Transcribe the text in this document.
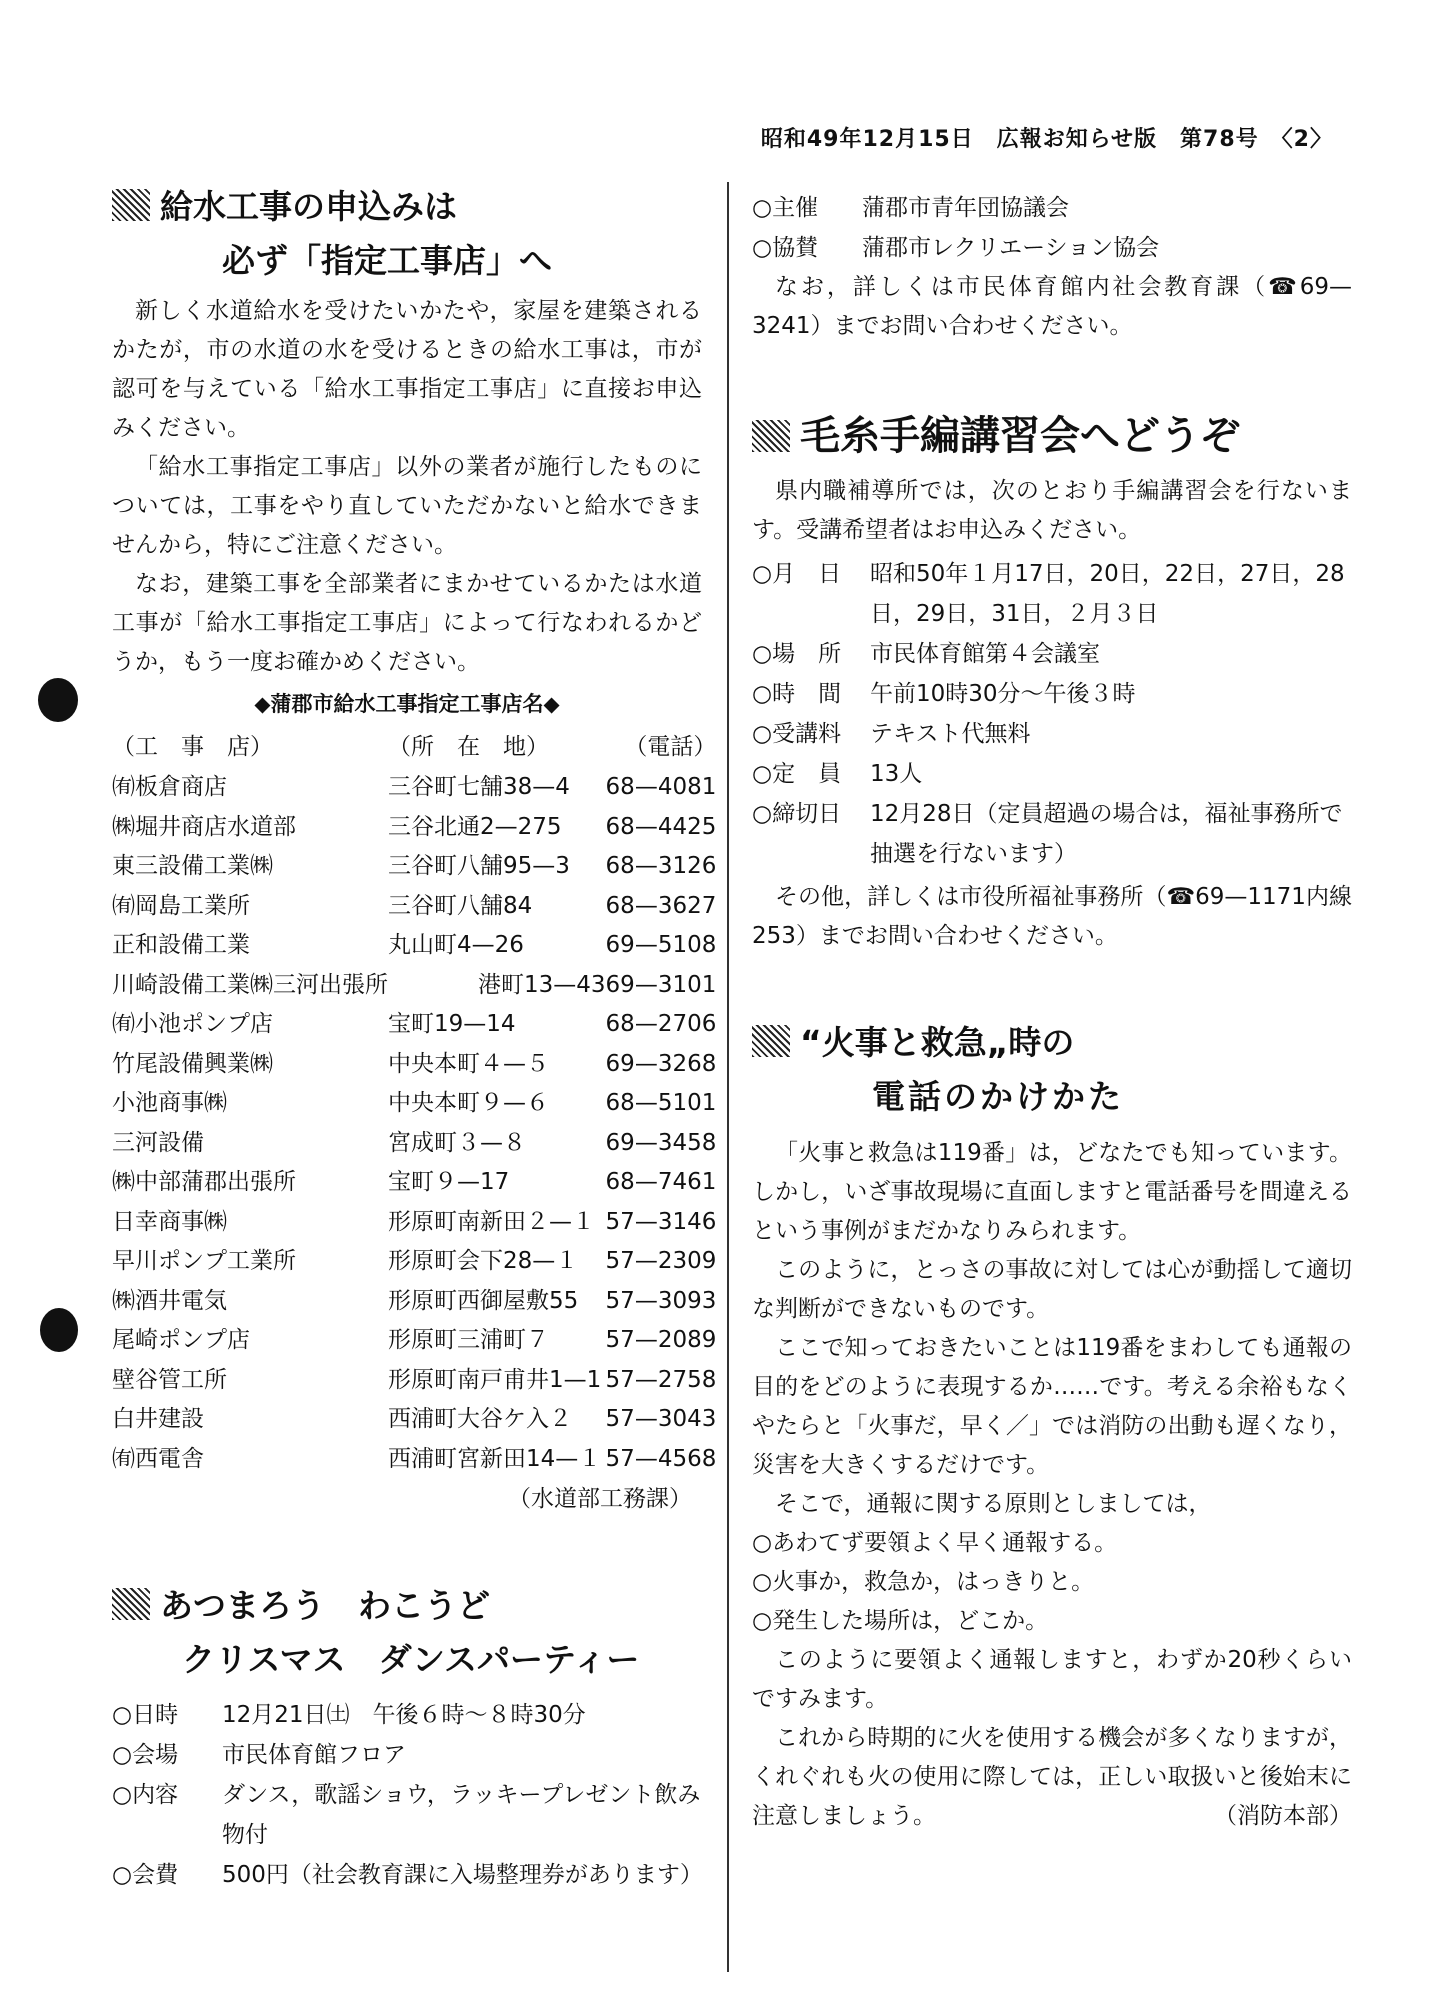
昭和49年12月15日　広報お知らせ版　第78号　〈2〉
給水工事の申込みは
必ず「指定工事店」へ

新しく水道給水を受けたいかたや，家屋を建築されるかたが，市の水道の水を受けるときの給水工事は，市が認可を与えている「給水工事指定工事店」に直接お申込みください。

「給水工事指定工事店」以外の業者が施行したものについては，工事をやり直していただかないと給水できませんから，特にご注意ください。

なお，建築工事を全部業者にまかせているかたは水道工事が「給水工事指定工事店」によって行なわれるかどうか，もう一度お確かめください。

◆蒲郡市給水工事指定工事店名◆
（工　事　店）	（所　在　地）	（電話）
㈲板倉商店	三谷町七舗38—4	68—4081
㈱堀井商店水道部	三谷北通2—275	68—4425
東三設備工業㈱	三谷町八舗95—3	68—3126
㈲岡島工業所	三谷町八舗84	68—3627
正和設備工業	丸山町4—26	69—5108
川崎設備工業㈱三河出張所	港町13—43	69—3101
㈲小池ポンプ店	宝町19—14	68—2706
竹尾設備興業㈱	中央本町４—５	69—3268
小池商事㈱	中央本町９—６	68—5101
三河設備	宮成町３—８	69—3458
㈱中部蒲郡出張所	宝町９—17	68—7461
日幸商事㈱	形原町南新田２—１	57—3146
早川ポンプ工業所	形原町会下28—１	57—2309
㈱酒井電気	形原町西御屋敷55	57—3093
尾崎ポンプ店	形原町三浦町７	57—2089
壁谷管工所	形原町南戸甫井1—1	57—2758
白井建設	西浦町大谷ケ入２	57—3043
㈲西電舎	西浦町宮新田14—１	57—4568
（水道部工務課）
あつまろう　わこうど
クリスマス　ダンスパーティー
○日時	12月21日㈯　午後６時～８時30分
○会場	市民体育館フロア
○内容	ダンス，歌謡ショウ，ラッキープレゼント飲み物付
○会費	500円（社会教育課に入場整理券があります）
○主催	蒲郡市青年団協議会
○協賛	蒲郡市レクリエーション協会

なお，詳しくは市民体育館内社会教育課（☎69—3241）までお問い合わせください。

毛糸手編講習会へどうぞ

県内職補導所では，次のとおり手編講習会を行ないます。受講希望者はお申込みください。

○月　日	昭和50年１月17日，20日，22日，27日，28日，29日，31日，２月３日
○場　所	市民体育館第４会議室
○時　間	午前10時30分～午後３時
○受講料	テキスト代無料
○定　員	13人
○締切日	12月28日（定員超過の場合は，福祉事務所で抽選を行ないます）

その他，詳しくは市役所福祉事務所（☎69—1171内線253）までお問い合わせください。

“火事と救急„時の
電話のかけかた

「火事と救急は119番」は，どなたでも知っています。しかし，いざ事故現場に直面しますと電話番号を間違えるという事例がまだかなりみられます。

このように，とっさの事故に対しては心が動揺して適切な判断ができないものです。

ここで知っておきたいことは119番をまわしても通報の目的をどのように表現するか……です。考える余裕もなくやたらと「火事だ，早く／」では消防の出動も遅くなり，災害を大きくするだけです。

そこで，通報に関する原則としましては，

○あわてず要領よく早く通報する。

○火事か，救急か，はっきりと。

○発生した場所は，どこか。

このように要領よく通報しますと，わずか20秒くらいですみます。

これから時期的に火を使用する機会が多くなりますが，くれぐれも火の使用に際しては，正しい取扱いと後始末に注意しましょう。	（消防本部）
